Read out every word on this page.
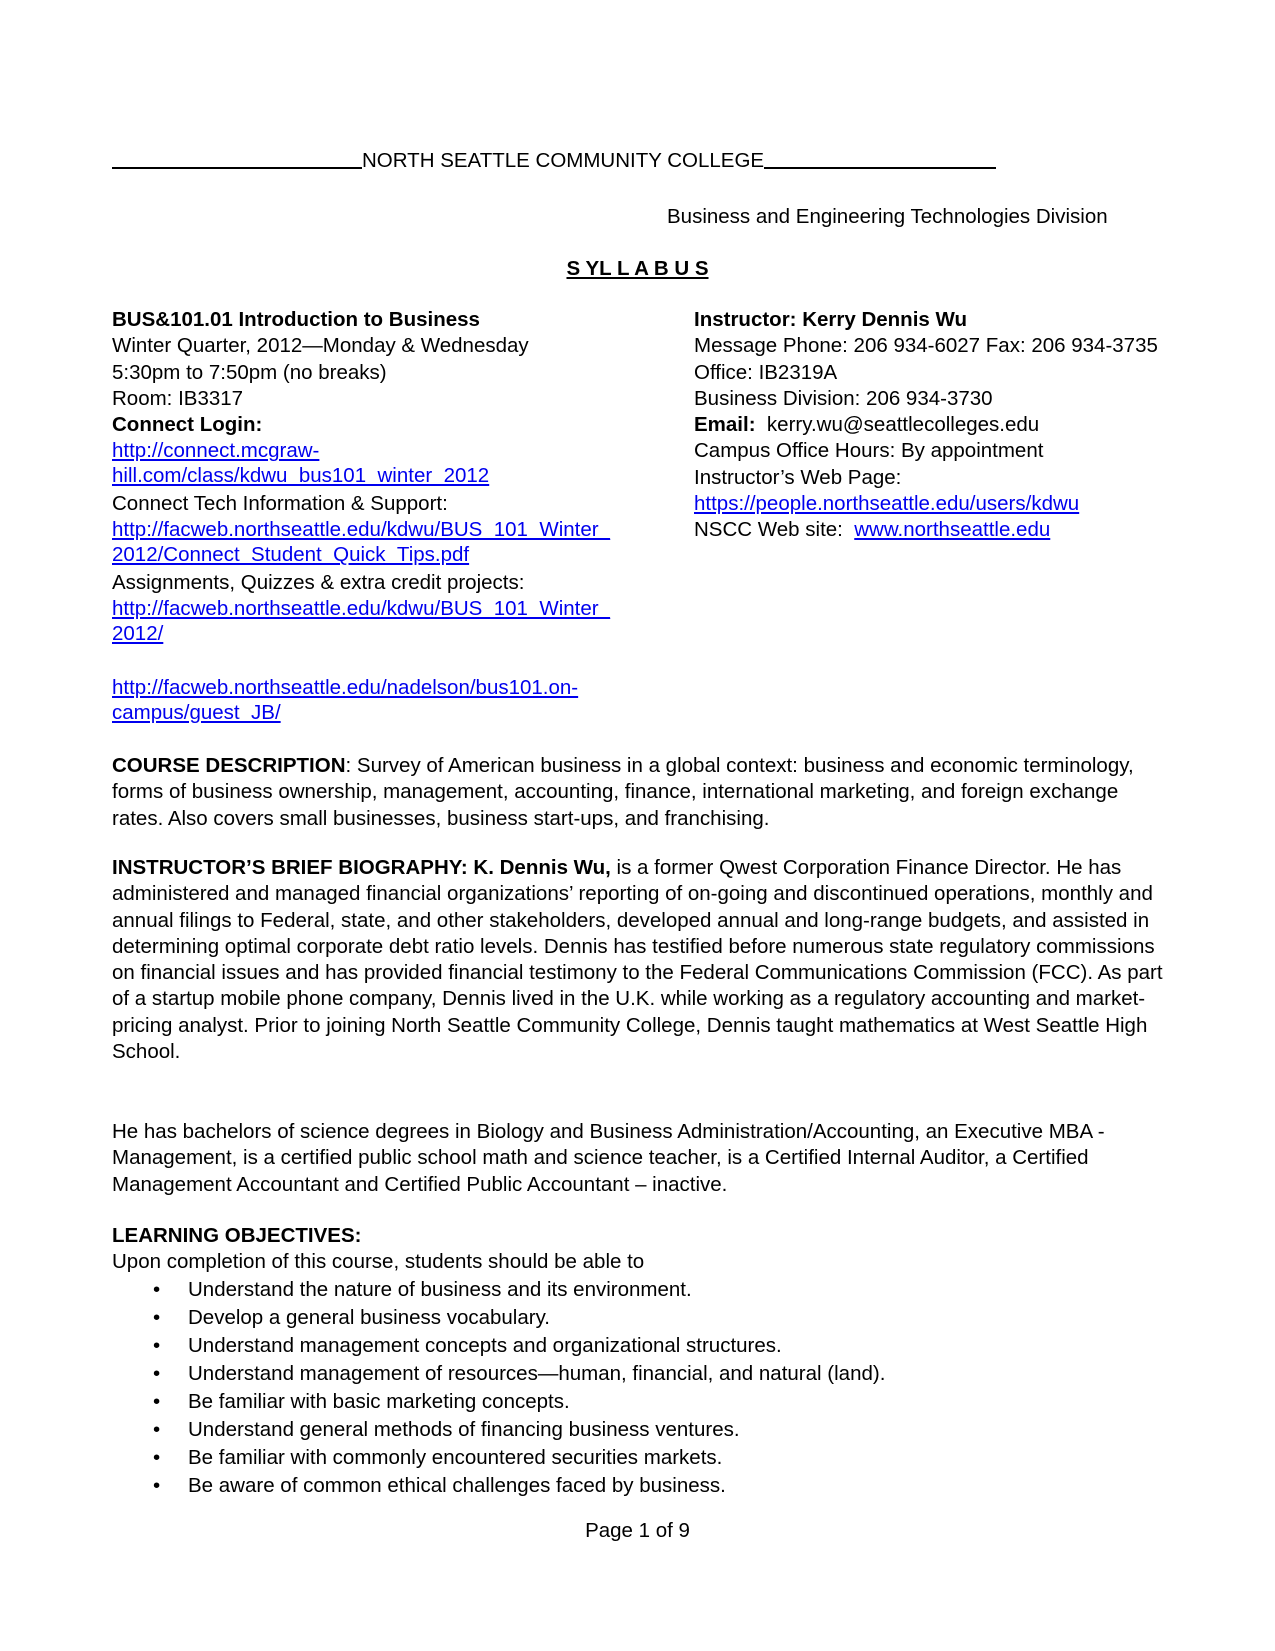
NORTH SEATTLE COMMUNITY COLLEGE
Business and Engineering Technologies Division
S YL L A B U S
BUS&101.01 Introduction to Business
Winter Quarter, 2012—Monday & Wednesday
5:30pm to 7:50pm (no breaks)
Room: IB3317
Connect Login:
http://connect.mcgraw-
hill.com/class/kdwu_bus101_winter_2012
Connect Tech Information & Support:
http://facweb.northseattle.edu/kdwu/BUS_101_Winter_
2012/Connect_Student_Quick_Tips.pdf
Assignments, Quizzes & extra credit projects:
http://facweb.northseattle.edu/kdwu/BUS_101_Winter_
2012/
http://facweb.northseattle.edu/nadelson/bus101.on-
campus/guest_JB/
Instructor: Kerry Dennis Wu
Message Phone: 206 934-6027 Fax: 206 934-3735
Office: IB2319A
Business Division: 206 934-3730
Email:  kerry.wu@seattlecolleges.edu
Campus Office Hours: By appointment
Instructor’s Web Page:
https://people.northseattle.edu/users/kdwu
NSCC Web site:  www.northseattle.edu
COURSE DESCRIPTION: Survey of American business in a global context: business and economic terminology, forms of business ownership, management, accounting, finance, international marketing, and foreign exchange rates. Also covers small businesses, business start-ups, and franchising.
INSTRUCTOR’S BRIEF BIOGRAPHY: K. Dennis Wu, is a former Qwest Corporation Finance Director. He has administered and managed financial organizations’ reporting of on-going and discontinued operations, monthly and annual filings to Federal, state, and other stakeholders, developed annual and long-range budgets, and assisted in determining optimal corporate debt ratio levels. Dennis has testified before numerous state regulatory commissions on financial issues and has provided financial testimony to the Federal Communications Commission (FCC). As part of a startup mobile phone company, Dennis lived in the U.K. while working as a regulatory accounting and market-pricing analyst. Prior to joining North Seattle Community College, Dennis taught mathematics at West Seattle High School.
He has bachelors of science degrees in Biology and Business Administration/Accounting, an Executive MBA - Management, is a certified public school math and science teacher, is a Certified Internal Auditor, a Certified Management Accountant and Certified Public Accountant – inactive.
LEARNING OBJECTIVES:
Upon completion of this course, students should be able to
• Understand the nature of business and its environment.
• Develop a general business vocabulary.
• Understand management concepts and organizational structures.
• Understand management of resources—human, financial, and natural (land).
• Be familiar with basic marketing concepts.
• Understand general methods of financing business ventures.
• Be familiar with commonly encountered securities markets.
• Be aware of common ethical challenges faced by business.
Page 1 of 9
